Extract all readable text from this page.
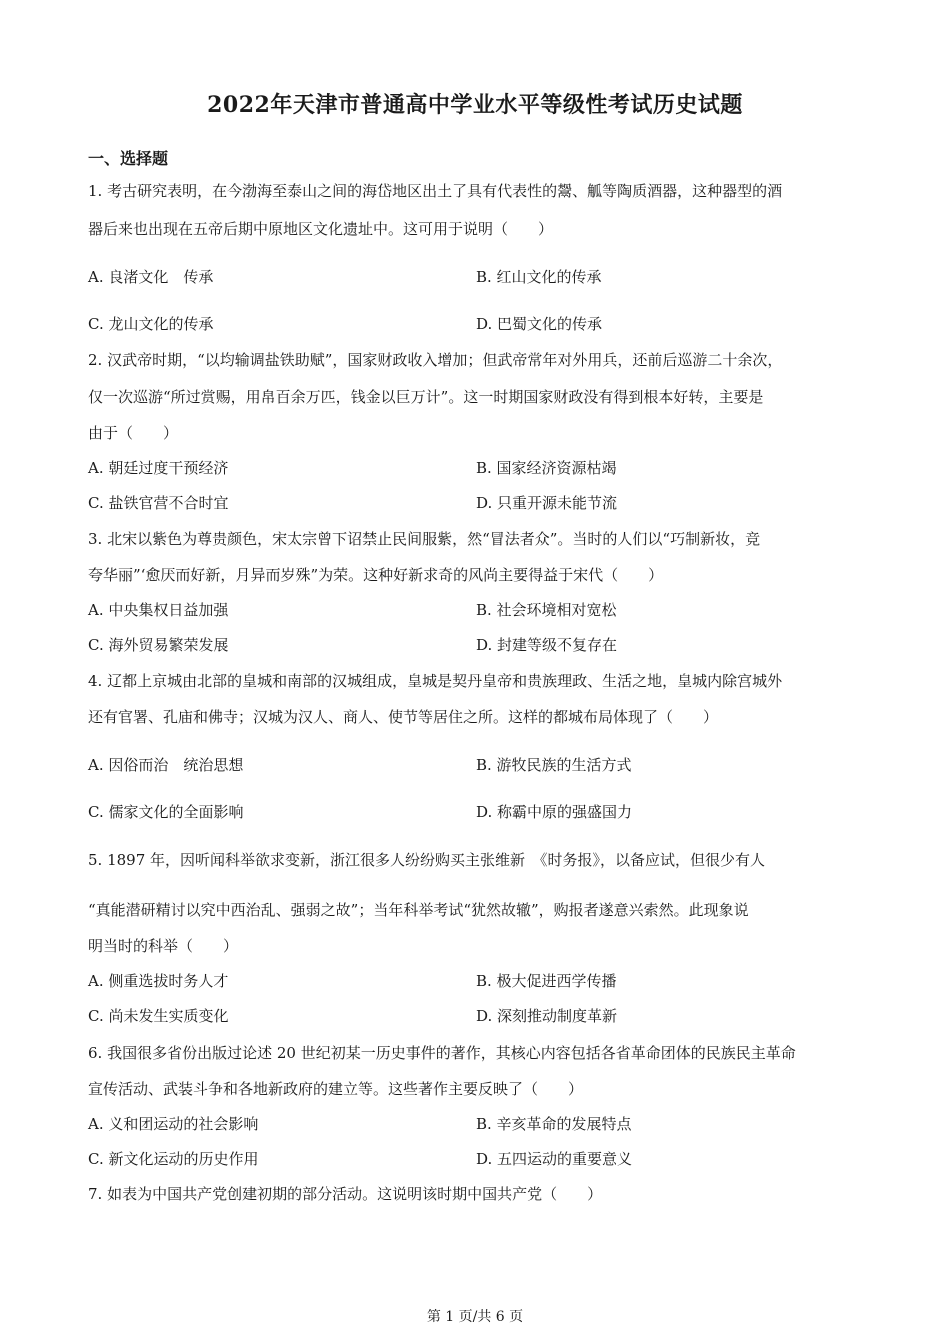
2022年天津市普通高中学业水平等级性考试历史试题
一、选择题
1. 考古研究表明，在今渤海至泰山之间的海岱地区出土了具有代表性的鬶、觚等陶质酒器，这种器型的酒
器后来也出现在五帝后期中原地区文化遗址中。这可用于说明（　　）
A. 良渚文化　传承	B. 红山文化的传承
C. 龙山文化的传承	D. 巴蜀文化的传承
2. 汉武帝时期，“以均输调盐铁助赋”，国家财政收入增加；但武帝常年对外用兵，还前后巡游二十余次，
仅一次巡游“所过赏赐，用帛百余万匹，钱金以巨万计”。这一时期国家财政没有得到根本好转，主要是
由于（　　）
A. 朝廷过度干预经济	B. 国家经济资源枯竭
C. 盐铁官营不合时宜	D. 只重开源未能节流
3. 北宋以紫色为尊贵颜色，宋太宗曾下诏禁止民间服紫，然“冒法者众”。当时的人们以“巧制新妆，竞
夸华丽”‘愈厌而好新，月异而岁殊”为荣。这种好新求奇的风尚主要得益于宋代（　　）
A. 中央集权日益加强	B. 社会环境相对宽松
C. 海外贸易繁荣发展	D. 封建等级不复存在
4. 辽都上京城由北部的皇城和南部的汉城组成，皇城是契丹皇帝和贵族理政、生活之地，皇城内除宫城外
还有官署、孔庙和佛寺；汉城为汉人、商人、使节等居住之所。这样的都城布局体现了（　　）
A. 因俗而治　统治思想	B. 游牧民族的生活方式
C. 儒家文化的全面影响	D. 称霸中原的强盛国力
5. 1897 年，因听闻科举欲求变新，浙江很多人纷纷购买主张维新　《时务报》，以备应试，但很少有人
“真能潜研精讨以究中西治乱、强弱之故”；当年科举考试“犹然故辙”，购报者遂意兴索然。此现象说
明当时的科举（　　）
A. 侧重选拔时务人才	B. 极大促进西学传播
C. 尚未发生实质变化	D. 深刻推动制度革新
6. 我国很多省份出版过论述 20 世纪初某一历史事件的著作，其核心内容包括各省革命团体的民族民主革命
宣传活动、武装斗争和各地新政府的建立等。这些著作主要反映了（　　）
A. 义和团运动的社会影响	B. 辛亥革命的发展特点
C. 新文化运动的历史作用	D. 五四运动的重要意义
7. 如表为中国共产党创建初期的部分活动。这说明该时期中国共产党（　　）
第 1 页/共 6 页
